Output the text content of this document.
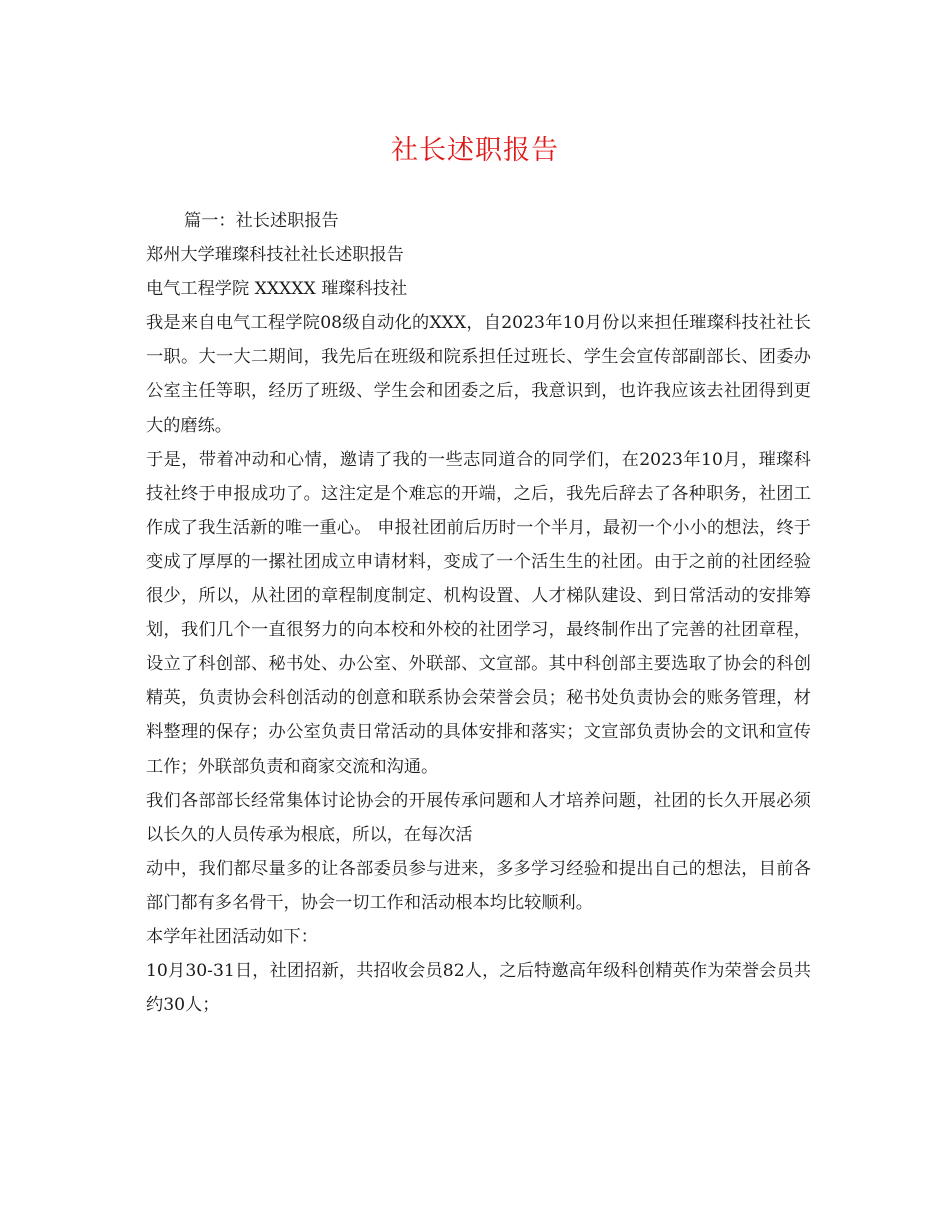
社长述职报告

篇一：社长述职报告

郑州大学璀璨科技社社长述职报告

电气工程学院 XXXXX 璀璨科技社

我是来自电气工程学院08级自动化的XXX，自2023年10月份以来担任璀璨科技社社长一职。大一大二期间，我先后在班级和院系担任过班长、学生会宣传部副部长、团委办公室主任等职，经历了班级、学生会和团委之后，我意识到，也许我应该去社团得到更大的磨练。

于是，带着冲动和心情，邀请了我的一些志同道合的同学们，在2023年10月，璀璨科技社终于申报成功了。这注定是个难忘的开端，之后，我先后辞去了各种职务，社团工作成了我生活新的唯一重心。 申报社团前后历时一个半月，最初一个小小的想法，终于变成了厚厚的一摞社团成立申请材料，变成了一个活生生的社团。由于之前的社团经验很少，所以，从社团的章程制度制定、机构设置、人才梯队建设、到日常活动的安排筹划，我们几个一直很努力的向本校和外校的社团学习，最终制作出了完善的社团章程，设立了科创部、秘书处、办公室、外联部、文宣部。其中科创部主要选取了协会的科创精英，负责协会科创活动的创意和联系协会荣誉会员；秘书处负责协会的账务管理，材料整理的保存；办公室负责日常活动的具体安排和落实；文宣部负责协会的文讯和宣传工作；外联部负责和商家交流和沟通。

我们各部部长经常集体讨论协会的开展传承问题和人才培养问题，社团的长久开展必须以长久的人员传承为根底，所以，在每次活

动中，我们都尽量多的让各部委员参与进来，多多学习经验和提出自己的想法，目前各部门都有多名骨干，协会一切工作和活动根本均比较顺利。

本学年社团活动如下：

10月30-31日，社团招新，共招收会员82人，之后特邀高年级科创精英作为荣誉会员共约30人；
